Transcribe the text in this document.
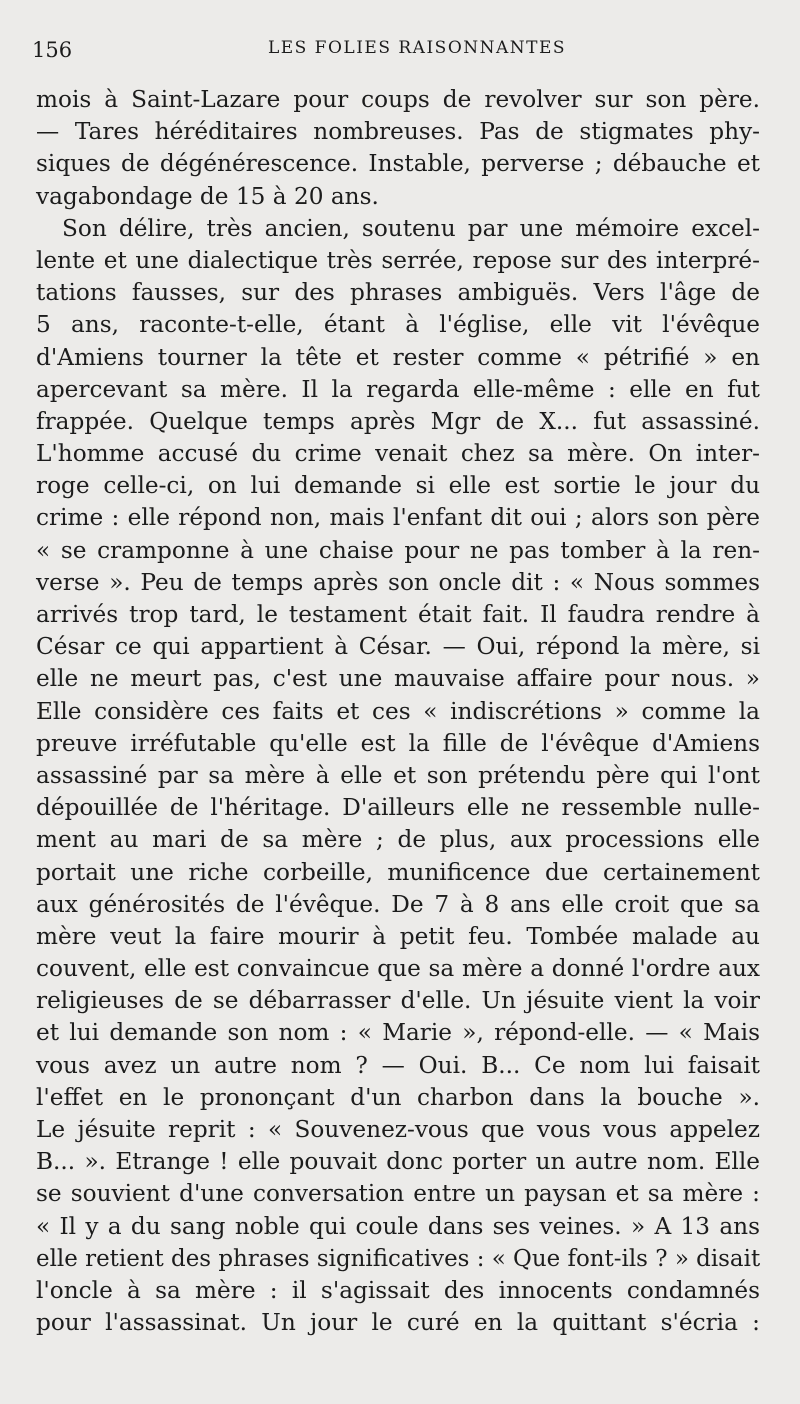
156	LES FOLIES RAISONNANTES
mois à Saint-Lazare pour coups de revolver sur son père.
— Tares héréditaires nombreuses. Pas de stigmates phy-
siques de dégénérescence. Instable, perverse ; débauche et
vagabondage de 15 à 20 ans.
Son délire, très ancien, soutenu par une mémoire excel-
lente et une dialectique très serrée, repose sur des interpré-
tations fausses, sur des phrases ambiguës. Vers l'âge de
5 ans, raconte-t-elle, étant à l'église, elle vit l'évêque
d'Amiens tourner la tête et rester comme « pétrifié » en
apercevant sa mère. Il la regarda elle-même : elle en fut
frappée. Quelque temps après Mgr de X... fut assassiné.
L'homme accusé du crime venait chez sa mère. On inter-
roge celle-ci, on lui demande si elle est sortie le jour du
crime : elle répond non, mais l'enfant dit oui ; alors son père
« se cramponne à une chaise pour ne pas tomber à la ren-
verse ». Peu de temps après son oncle dit : « Nous sommes
arrivés trop tard, le testament était fait. Il faudra rendre à
César ce qui appartient à César. — Oui, répond la mère, si
elle ne meurt pas, c'est une mauvaise affaire pour nous. »
Elle considère ces faits et ces « indiscrétions » comme la
preuve irréfutable qu'elle est la fille de l'évêque d'Amiens
assassiné par sa mère à elle et son prétendu père qui l'ont
dépouillée de l'héritage. D'ailleurs elle ne ressemble nulle-
ment au mari de sa mère ; de plus, aux processions elle
portait une riche corbeille, munificence due certainement
aux générosités de l'évêque. De 7 à 8 ans elle croit que sa
mère veut la faire mourir à petit feu. Tombée malade au
couvent, elle est convaincue que sa mère a donné l'ordre aux
religieuses de se débarrasser d'elle. Un jésuite vient la voir
et lui demande son nom : « Marie », répond-elle. — « Mais
vous avez un autre nom ? — Oui. B... Ce nom lui faisait
l'effet en le prononçant d'un charbon dans la bouche ».
Le jésuite reprit : « Souvenez-vous que vous vous appelez
B... ». Etrange ! elle pouvait donc porter un autre nom. Elle
se souvient d'une conversation entre un paysan et sa mère :
« Il y a du sang noble qui coule dans ses veines. » A 13 ans
elle retient des phrases significatives : « Que font-ils ? » disait
l'oncle à sa mère : il s'agissait des innocents condamnés
pour l'assassinat. Un jour le curé en la quittant s'écria :
